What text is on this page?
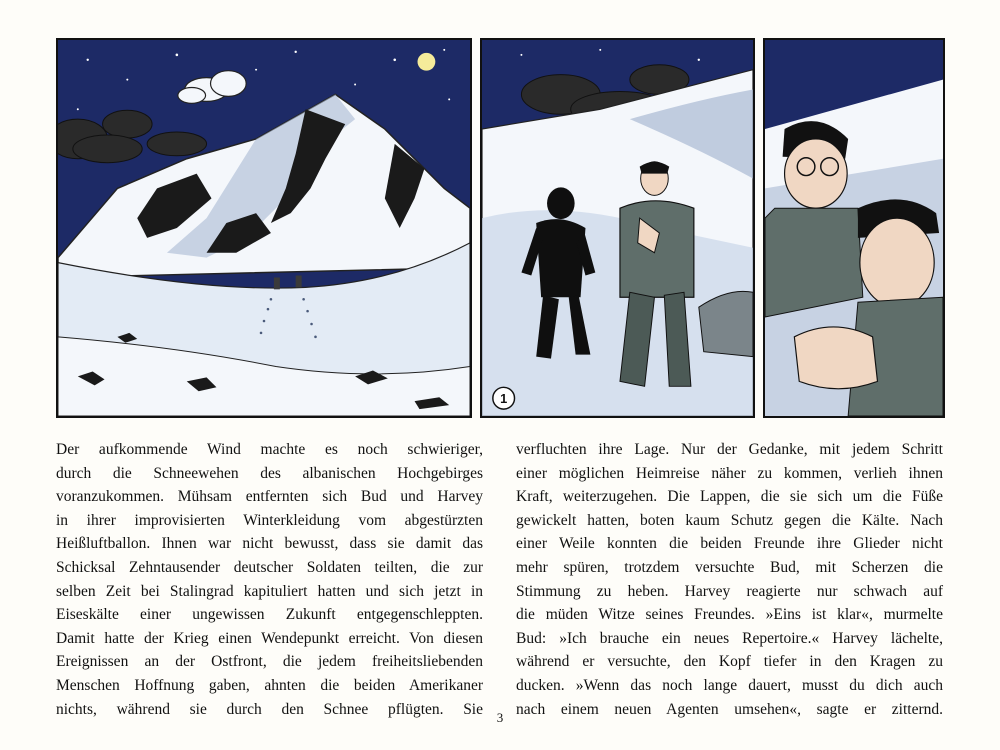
1
Der aufkommende Wind machte es noch schwieriger,
durch die Schneewehen des albanischen Hochgebirges
voranzukommen. Mühsam entfernten sich Bud und Harvey
in ihrer improvisierten Winterkleidung vom abgestürzten
Heißluftballon. Ihnen war nicht bewusst, dass sie damit das
Schicksal Zehntausender deutscher Soldaten teilten, die zur
selben Zeit bei Stalingrad kapituliert hatten und sich jetzt in
Eiseskälte einer ungewissen Zukunft entgegenschleppten.
Damit hatte der Krieg einen Wendepunkt erreicht. Von diesen
Ereignissen an der Ostfront, die jedem freiheitsliebenden
Menschen Hoffnung gaben, ahnten die beiden Amerikaner
nichts, während sie durch den Schnee pflügten. Sie
verfluchten ihre Lage. Nur der Gedanke, mit jedem Schritt
einer möglichen Heimreise näher zu kommen, verlieh ihnen
Kraft, weiterzugehen. Die Lappen, die sie sich um die Füße
gewickelt hatten, boten kaum Schutz gegen die Kälte. Nach
einer Weile konnten die beiden Freunde ihre Glieder nicht
mehr spüren, trotzdem versuchte Bud, mit Scherzen die
Stimmung zu heben. Harvey reagierte nur schwach auf
die müden Witze seines Freundes. »Eins ist klar«, murmelte
Bud: »Ich brauche ein neues Repertoire.« Harvey lächelte,
während er versuchte, den Kopf tiefer in den Kragen zu
ducken. »Wenn das noch lange dauert, musst du dich auch
nach einem neuen Agenten umsehen«, sagte er zitternd.
3
